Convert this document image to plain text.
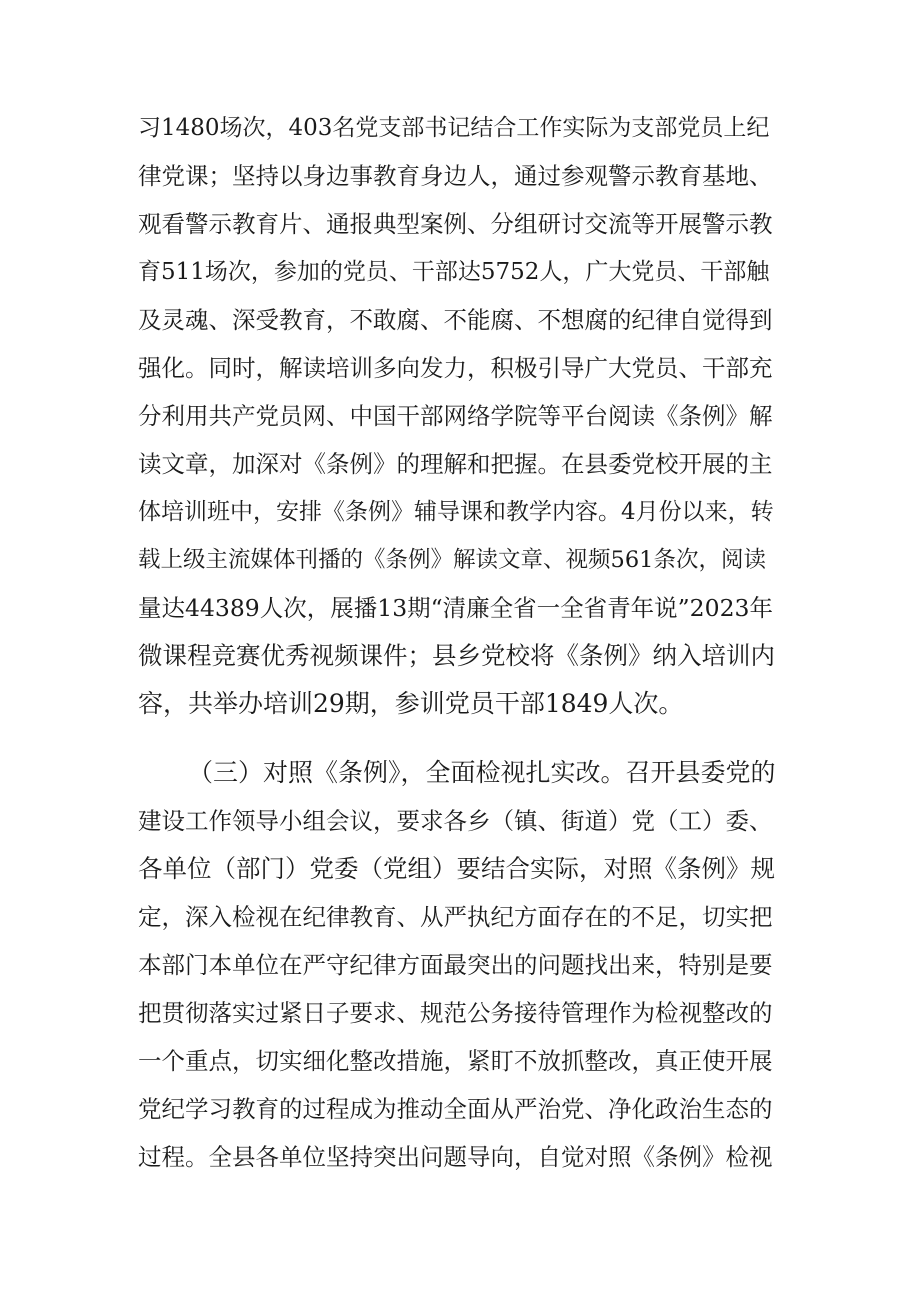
习1480场次，403名党支部书记结合工作实际为支部党员上纪
律党课；坚持以身边事教育身边人，通过参观警示教育基地、
观看警示教育片、通报典型案例、分组研讨交流等开展警示教
育511场次，参加的党员、干部达5752人，广大党员、干部触
及灵魂、深受教育，不敢腐、不能腐、不想腐的纪律自觉得到
强化。同时，解读培训多向发力，积极引导广大党员、干部充
分利用共产党员网、中国干部网络学院等平台阅读《条例》解
读文章，加深对《条例》的理解和把握。在县委党校开展的主
体培训班中，安排《条例》辅导课和教学内容。4月份以来，转
载上级主流媒体刊播的《条例》解读文章、视频561条次，阅读
量达44389人次，展播13期“清廉全省一全省青年说”2023年
微课程竞赛优秀视频课件；县乡党校将《条例》纳入培训内
容，共举办培训29期，参训党员干部1849人次。
（三）对照《条例》，全面检视扎实改。召开县委党的
建设工作领导小组会议，要求各乡（镇、街道）党（工）委、
各单位（部门）党委（党组）要结合实际，对照《条例》规
定，深入检视在纪律教育、从严执纪方面存在的不足，切实把
本部门本单位在严守纪律方面最突出的问题找出来，特别是要
把贯彻落实过紧日子要求、规范公务接待管理作为检视整改的
一个重点，切实细化整改措施，紧盯不放抓整改，真正使开展
党纪学习教育的过程成为推动全面从严治党、净化政治生态的
过程。全县各单位坚持突出问题导向，自觉对照《条例》检视
